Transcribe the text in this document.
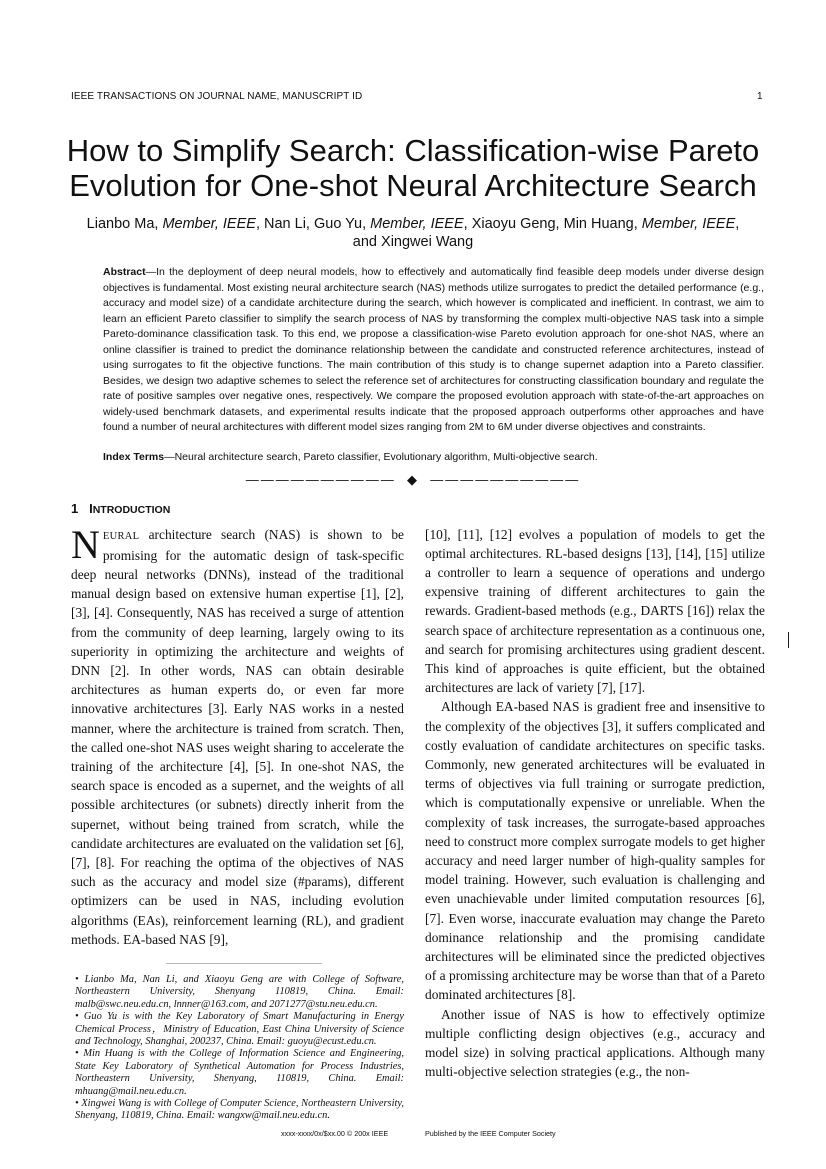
IEEE TRANSACTIONS ON JOURNAL NAME, MANUSCRIPT ID	1
How to Simplify Search: Classification-wise Pareto Evolution for One-shot Neural Architecture Search
Lianbo Ma, Member, IEEE, Nan Li, Guo Yu, Member, IEEE, Xiaoyu Geng, Min Huang, Member, IEEE, and Xingwei Wang
Abstract—In the deployment of deep neural models, how to effectively and automatically find feasible deep models under diverse design objectives is fundamental. Most existing neural architecture search (NAS) methods utilize surrogates to predict the detailed performance (e.g., accuracy and model size) of a candidate architecture during the search, which however is complicated and inefficient. In contrast, we aim to learn an efficient Pareto classifier to simplify the search process of NAS by transforming the complex multi-objective NAS task into a simple Pareto-dominance classification task. To this end, we propose a classification-wise Pareto evolution approach for one-shot NAS, where an online classifier is trained to predict the dominance relationship between the candidate and constructed reference architectures, instead of using surrogates to fit the objective functions. The main contribution of this study is to change supernet adaption into a Pareto classifier. Besides, we design two adaptive schemes to select the reference set of architectures for constructing classification boundary and regulate the rate of positive samples over negative ones, respectively. We compare the proposed evolution approach with state-of-the-art approaches on widely-used benchmark datasets, and experimental results indicate that the proposed approach outperforms other approaches and have found a number of neural architectures with different model sizes ranging from 2M to 6M under diverse objectives and constraints.
Index Terms—Neural architecture search, Pareto classifier, Evolutionary algorithm, Multi-objective search.
——————————  ◆  ——————————
1 INTRODUCTION

NEURAL architecture search (NAS) is shown to be promising for the automatic design of task-specific deep neural networks (DNNs), instead of the traditional manual design based on extensive human expertise [1], [2], [3], [4]. Consequently, NAS has received a surge of attention from the community of deep learning, largely owing to its superiority in optimizing the architecture and weights of DNN [2]. In other words, NAS can obtain desirable architectures as human experts do, or even far more innovative architectures [3]. Early NAS works in a nested manner, where the architecture is trained from scratch. Then, the called one-shot NAS uses weight sharing to accelerate the training of the architecture [4], [5]. In one-shot NAS, the search space is encoded as a supernet, and the weights of all possible architectures (or subnets) directly inherit from the supernet, without being trained from scratch, while the candidate architectures are evaluated on the validation set [6], [7], [8]. For reaching the optima of the objectives of NAS such as the accuracy and model size (#params), different optimizers can be used in NAS, including evolution algorithms (EAs), reinforcement learning (RL), and gradient methods. EA-based NAS [9],

• Lianbo Ma, Nan Li, and Xiaoyu Geng are with College of Software, Northeastern University, Shenyang 110819, China. Email: malb@swc.neu.edu.cn, lnnner@163.com, and 2071277@stu.neu.edu.cn.
• Guo Yu is with the Key Laboratory of Smart Manufacturing in Energy Chemical Process，Ministry of Education, East China University of Science and Technology, Shanghai, 200237, China. Email: guoyu@ecust.edu.cn.
• Min Huang is with the College of Information Science and Engineering, State Key Laboratory of Synthetical Automation for Process Industries, Northeastern University, Shenyang, 110819, China. Email: mhuang@mail.neu.edu.cn.
• Xingwei Wang is with College of Computer Science, Northeastern University, Shenyang, 110819, China. Email: wangxw@mail.neu.edu.cn.

[10], [11], [12] evolves a population of models to get the optimal architectures. RL-based designs [13], [14], [15] utilize a controller to learn a sequence of operations and undergo expensive training of different architectures to gain the rewards. Gradient-based methods (e.g., DARTS [16]) relax the search space of architecture representation as a continuous one, and search for promising architectures using gradient descent. This kind of approaches is quite efficient, but the obtained architectures are lack of variety [7], [17].

Although EA-based NAS is gradient free and insensitive to the complexity of the objectives [3], it suffers complicated and costly evaluation of candidate architectures on specific tasks. Commonly, new generated architectures will be evaluated in terms of objectives via full training or surrogate prediction, which is computationally expensive or unreliable. When the complexity of task increases, the surrogate-based approaches need to construct more complex surrogate models to get higher accuracy and need larger number of high-quality samples for model training. However, such evaluation is challenging and even unachievable under limited computation resources [6], [7]. Even worse, inaccurate evaluation may change the Pareto dominance relationship and the promising candidate architectures will be eliminated since the predicted objectives of a promissing architecture may be worse than that of a Pareto dominated architectures [8].

Another issue of NAS is how to effectively optimize multiple conflicting design objectives (e.g., accuracy and model size) in solving practical applications. Although many multi-objective selection strategies (e.g., the non-

xxxx-xxxx/0x/$xx.00 © 200x IEEE	Published by the IEEE Computer Society
